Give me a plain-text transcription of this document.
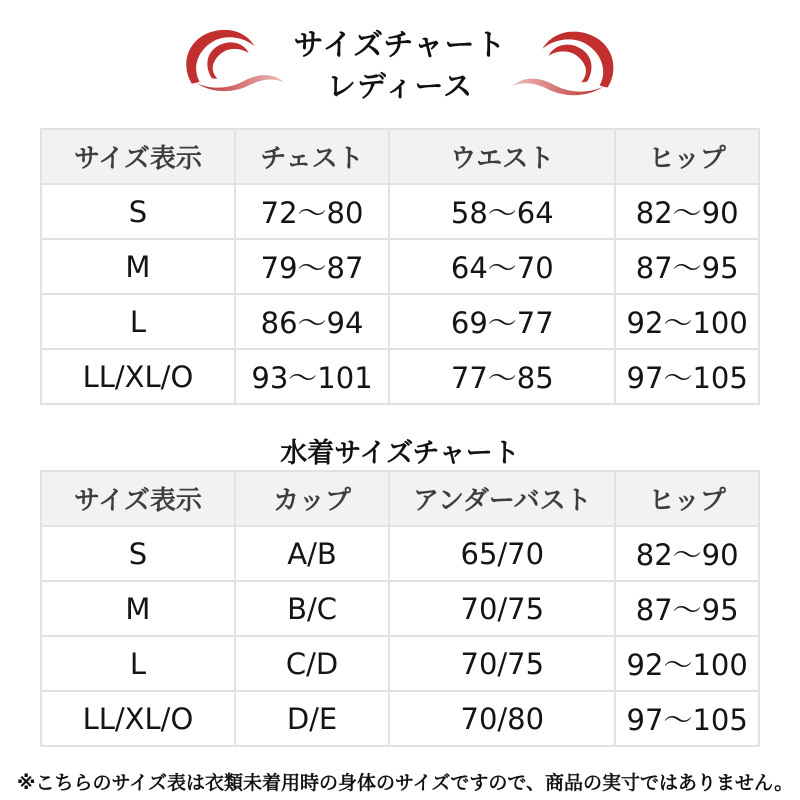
サイズチャート
レディース
サイズ表示	チェスト	ウエスト	ヒップ
S	72〜80	58〜64	82〜90
M	79〜87	64〜70	87〜95
L	86〜94	69〜77	92〜100
LL/XL/O	93〜101	77〜85	97〜105
水着サイズチャート
サイズ表示	カップ	アンダーバスト	ヒップ
S	A/B	65/70	82〜90
M	B/C	70/75	87〜95
L	C/D	70/75	92〜100
LL/XL/O	D/E	70/80	97〜105
※こちらのサイズ表は衣類未着用時の身体のサイズですので、商品の実寸ではありません。
